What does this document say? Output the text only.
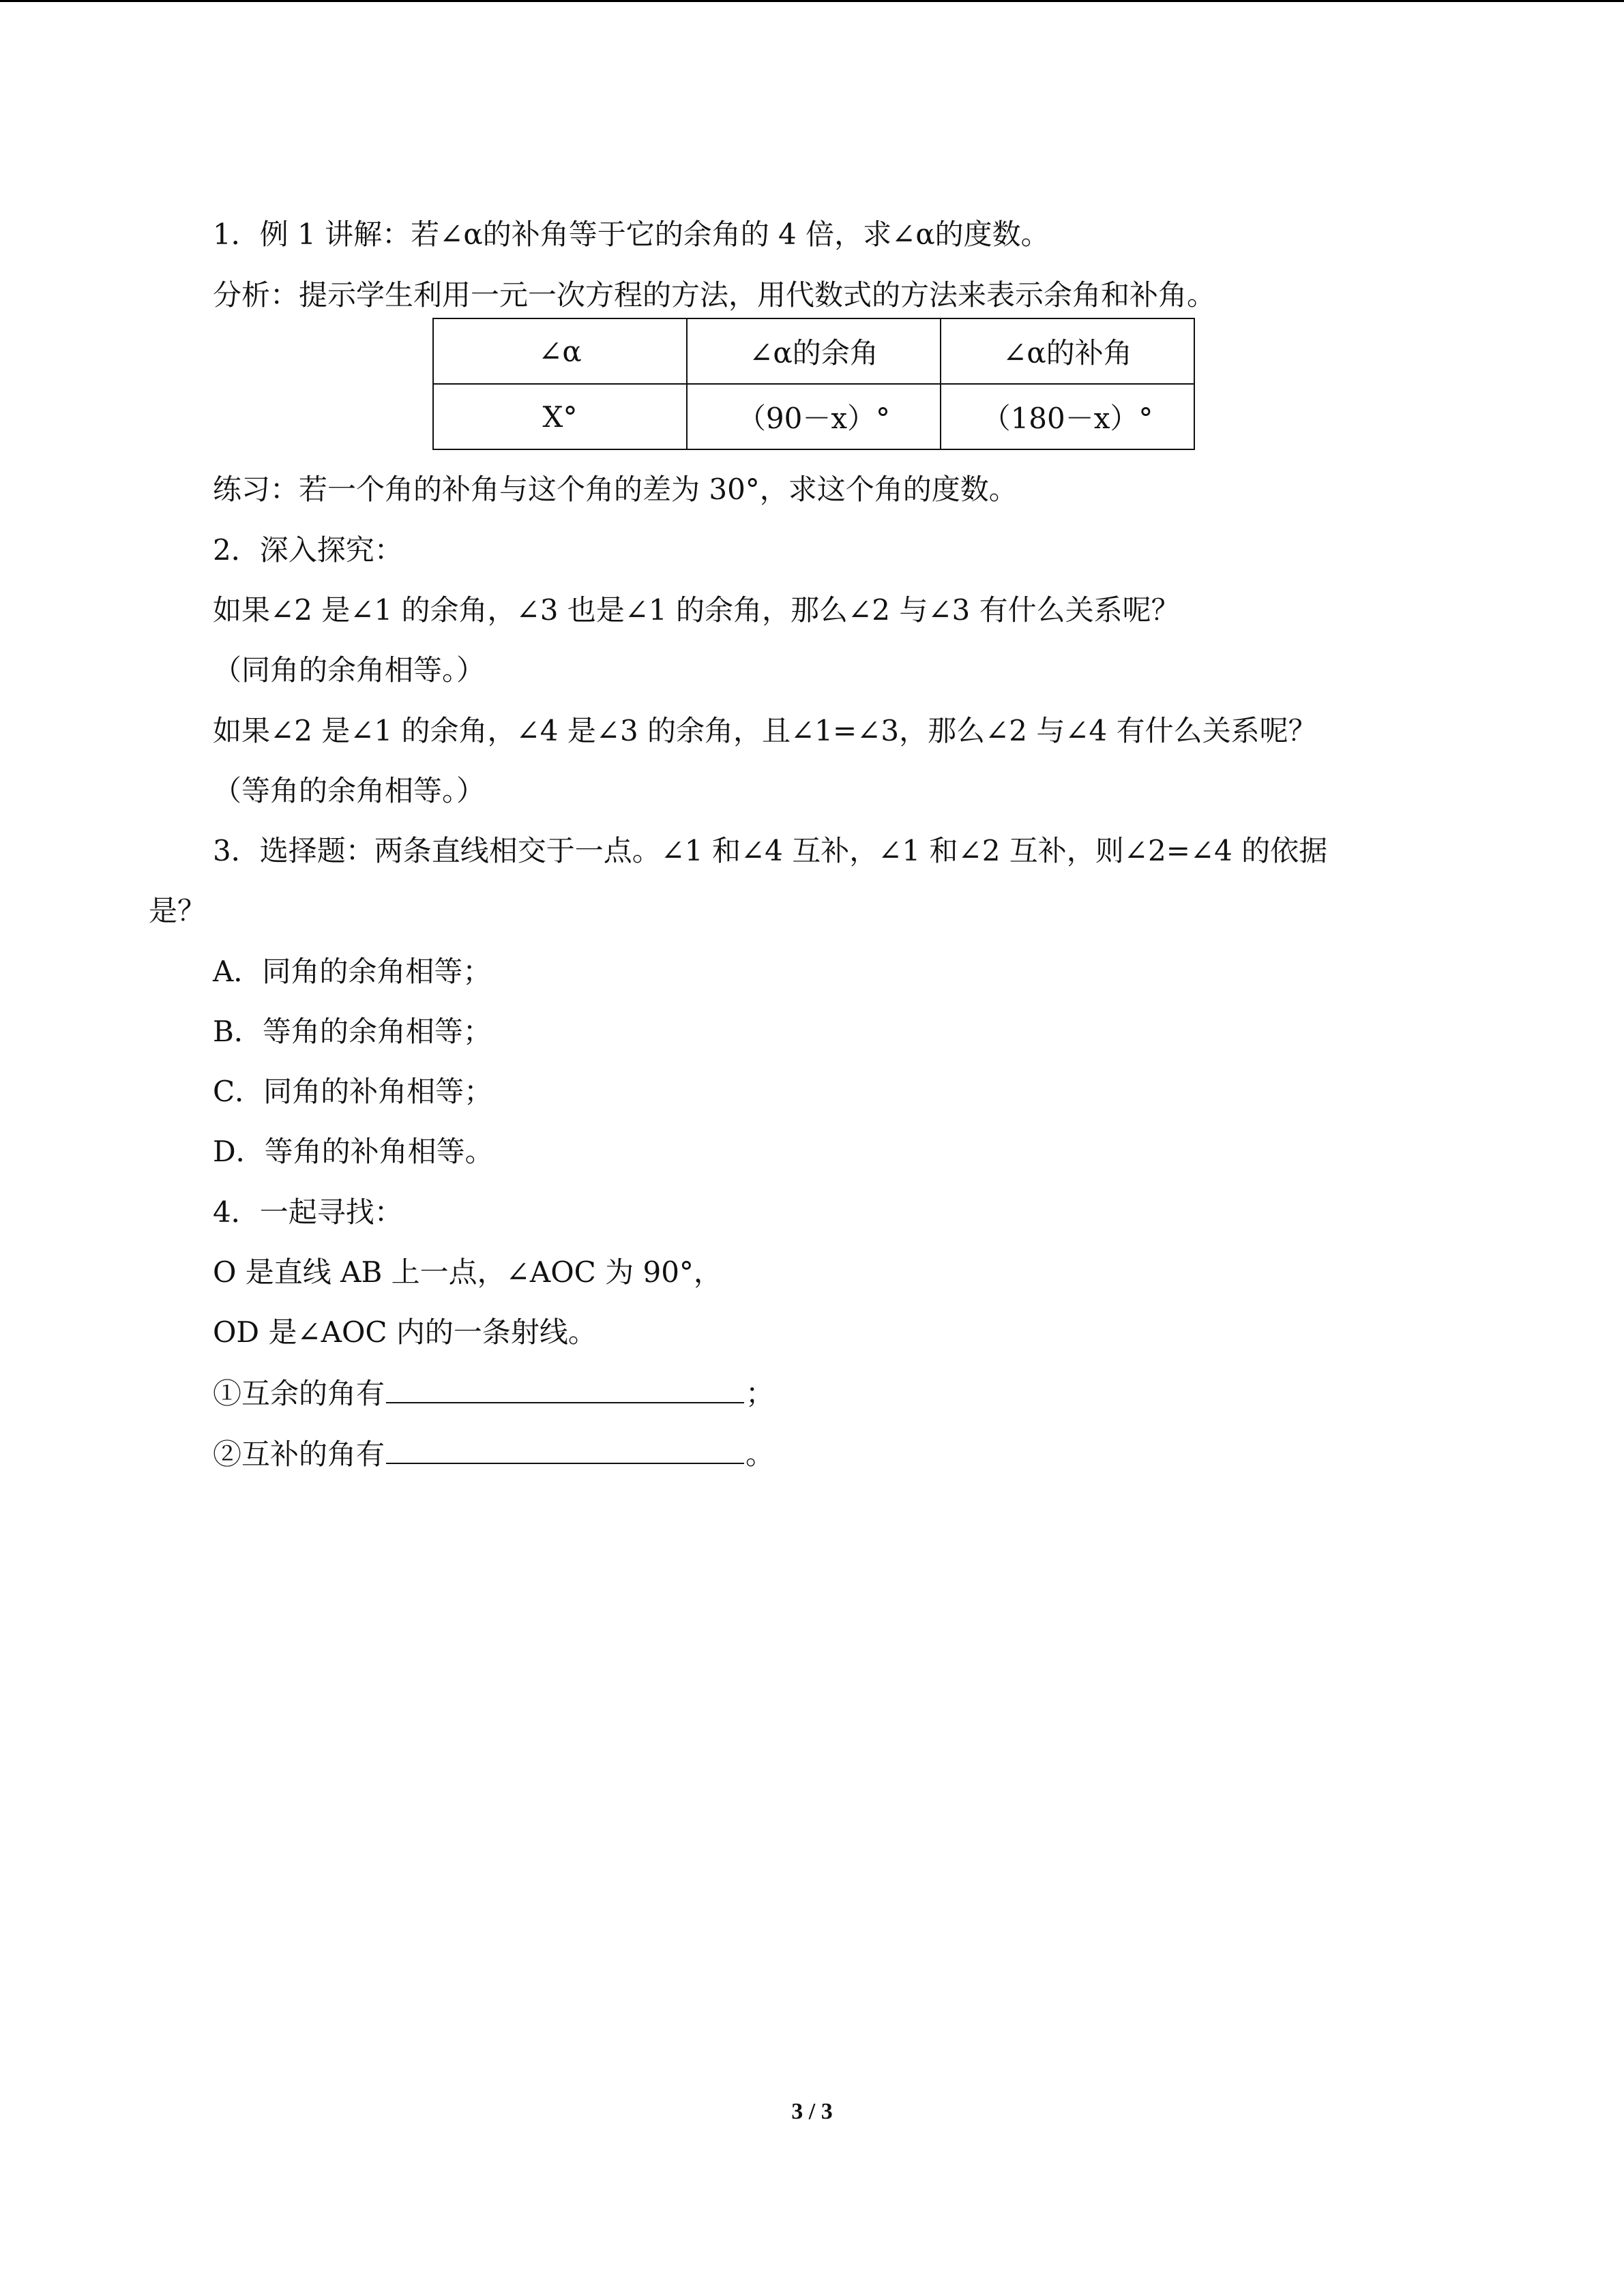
1．例 1 讲解：若∠α的补角等于它的余角的 4 倍，求∠α的度数。
分析：提示学生利用一元一次方程的方法，用代数式的方法来表示余角和补角。
∠α	∠α的余角	∠α的补角
X°	（90－x）°	（180－x）°
练习：若一个角的补角与这个角的差为 30°，求这个角的度数。
2．深入探究：
如果∠2 是∠1 的余角，∠3 也是∠1 的余角，那么∠2 与∠3 有什么关系呢？
（同角的余角相等。）
如果∠2 是∠1 的余角，∠4 是∠3 的余角，且∠1=∠3，那么∠2 与∠4 有什么关系呢？
（等角的余角相等。）
3．选择题：两条直线相交于一点。∠1 和∠4 互补，∠1 和∠2 互补，则∠2=∠4 的依据
是？
A．同角的余角相等；
B．等角的余角相等；
C．同角的补角相等；
D．等角的补角相等。
4．一起寻找：
O 是直线 AB 上一点，∠AOC 为 90°，
OD 是∠AOC 内的一条射线。
①互余的角有	；
②互补的角有	。
3 / 3
